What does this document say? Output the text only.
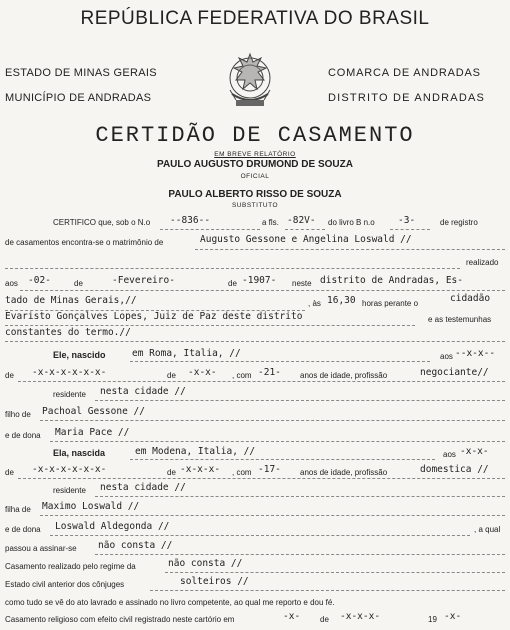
REPÚBLICA FEDERATIVA DO BRASIL
ESTADO DE MINAS GERAIS
MUNICÍPIO DE ANDRADAS
COMARCA DE ANDRADAS
DISTRITO DE ANDRADAS
CERTIDÃO DE CASAMENTO
EM BREVE RELATÓRIO
PAULO AUGUSTO DRUMOND DE SOUZA
OFICIAL
PAULO ALBERTO RISSO DE SOUZA
SUBSTITUTO
CERTIFICO que, sob o N.o --836--	a fls. -82V- do livro B n.o -3-	de registro
de casamentos encontra-se o matrimônio de	Augusto Gessone e Angelina Loswald //
realizado
aos -02-	de	-Fevereiro-	de -1907- neste distrito de Andradas, Es-
tado de Minas Gerais,//	, às 16,30 horas perante o	cidadão
Evaristo Gonçalves Lopes, Juiz de Paz deste distrito	e as testemunhas
constantes do termo.//
Ele, nascido	em Roma, Italia, //	aos --x-x--
de -x-x-x-x-x-x-	de -x-x- , com -21- anos de idade, profissão	negociante//
residente nesta cidade //
filho de Pachoal Gessone //
e de dona Maria Pace //
Ela, nascida	em Modena, Italia, //	aos -x-x-
de -x-x-x-x-x-x-	de -x-x-x- , com -17- anos de idade, profissão	domestica //
residente nesta cidade //
filha de Maximo Loswald //
e de dona Loswald Aldegonda //	, a qual
passou a assinar-se não consta //
Casamento realizado pelo regime da	não consta //
Estado civil anterior dos cônjuges	solteiros //
como tudo se vê do ato lavrado e assinado no livro competente, ao qual me reporto e dou fé.
Casamento religioso com efeito civil registrado neste cartório em	-x- de -x-x-x-	19 -x-
